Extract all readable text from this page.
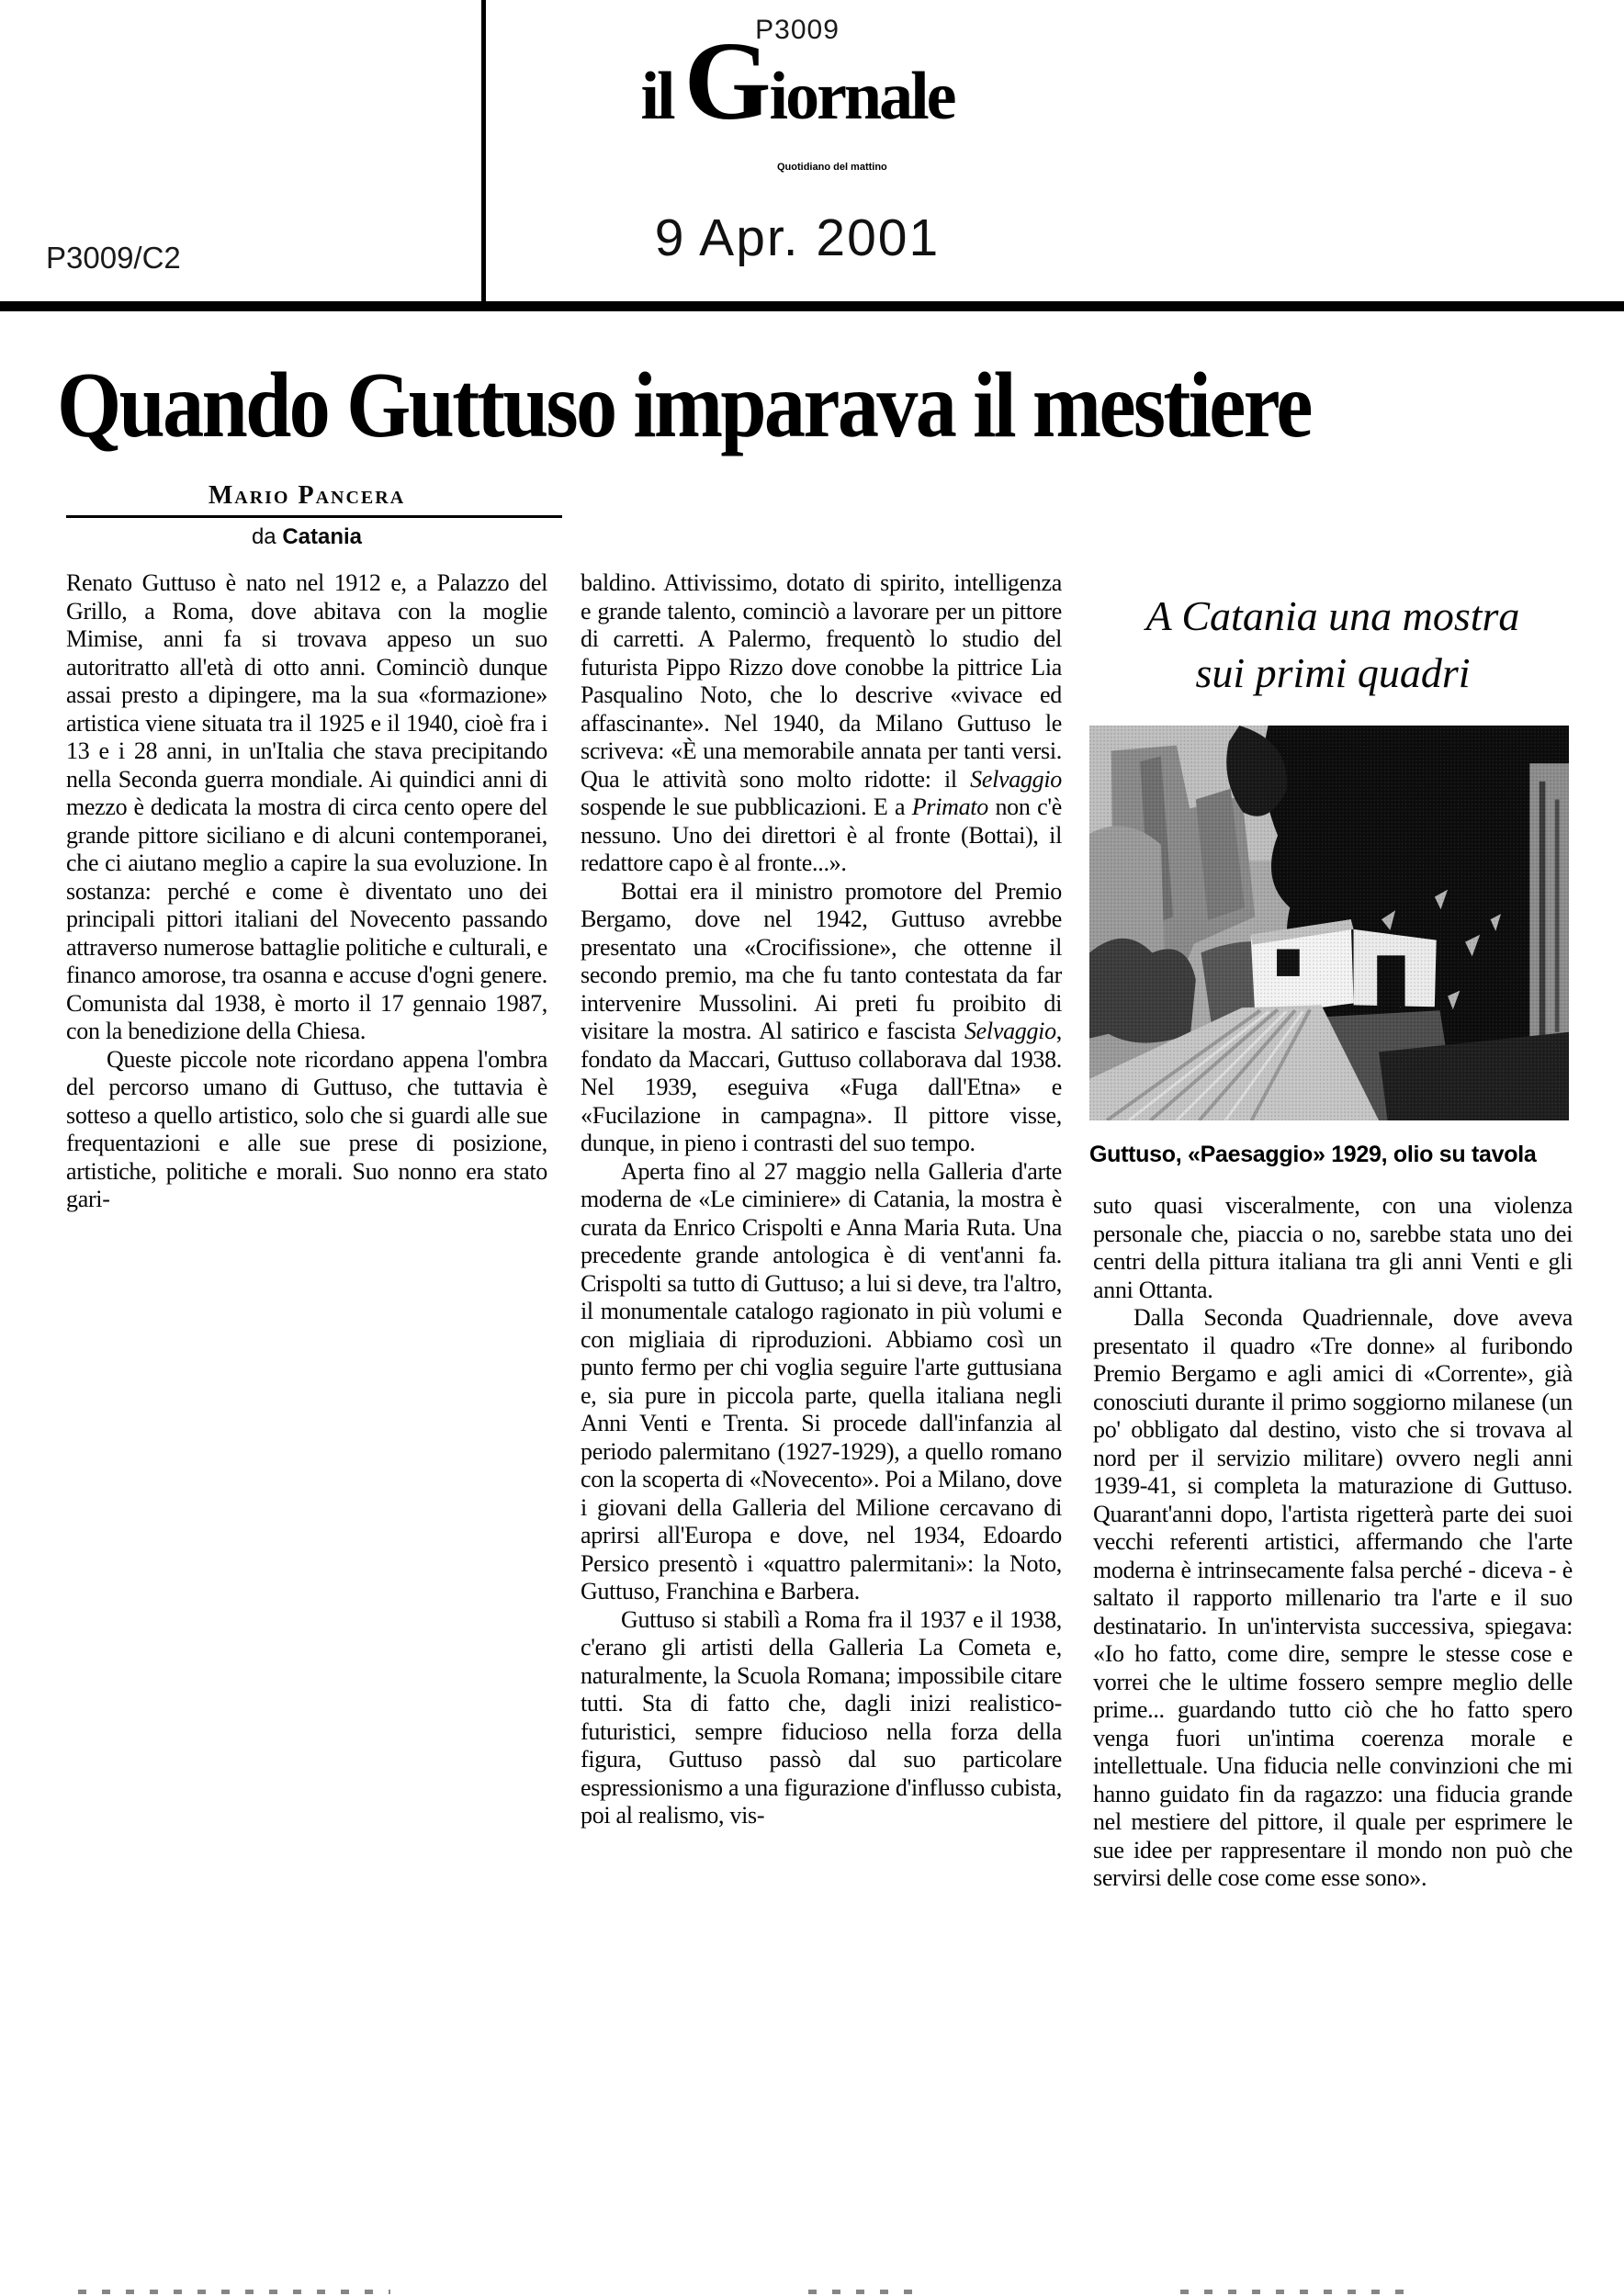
P3009
il G iornale
Quotidiano del mattino
9 Apr. 2001
P3009/C2
Quando Guttuso imparava il mestiere
Mario Pancera
da Catania

Renato Guttuso è nato nel 1912 e, a Palazzo del Grillo, a Roma, dove abitava con la moglie Mimise, anni fa si trovava appeso un suo autoritratto all'età di otto anni. Cominciò dunque assai presto a dipingere, ma la sua «formazione» artistica viene situata tra il 1925 e il 1940, cioè fra i 13 e i 28 anni, in un'Italia che stava precipitando nella Seconda guerra mondiale. Ai quindici anni di mezzo è dedicata la mostra di circa cento opere del grande pittore siciliano e di alcuni contemporanei, che ci aiutano meglio a capire la sua evoluzione. In sostanza: perché e come è diventato uno dei principali pittori italiani del Novecento passando attraverso numerose battaglie politiche e culturali, e financo amorose, tra osanna e accuse d'ogni genere. Comunista dal 1938, è morto il 17 gennaio 1987, con la benedizione della Chiesa.

Queste piccole note ricordano appena l'ombra del percorso umano di Guttuso, che tuttavia è sotteso a quello artistico, solo che si guardi alle sue frequentazioni e alle sue prese di posizione, artistiche, politiche e morali. Suo nonno era stato gari-

baldino. Attivissimo, dotato di spirito, intelligenza e grande talento, cominciò a lavorare per un pittore di carretti. A Palermo, frequentò lo studio del futurista Pippo Rizzo dove conobbe la pittrice Lia Pasqualino Noto, che lo descrive «vivace ed affascinante». Nel 1940, da Milano Guttuso le scriveva: «È una memorabile annata per tanti versi. Qua le attività sono molto ridotte: il Selvaggio sospende le sue pubblicazioni. E a Primato non c'è nessuno. Uno dei direttori è al fronte (Bottai), il redattore capo è al fronte...».

Bottai era il ministro promotore del Premio Bergamo, dove nel 1942, Guttuso avrebbe presentato una «Crocifissione», che ottenne il secondo premio, ma che fu tanto contestata da far intervenire Mussolini. Ai preti fu proibito di visitare la mostra. Al satirico e fascista Selvaggio, fondato da Maccari, Guttuso collaborava dal 1938. Nel 1939, eseguiva «Fuga dall'Etna» e «Fucilazione in campagna». Il pittore visse, dunque, in pieno i contrasti del suo tempo.

Aperta fino al 27 maggio nella Galleria d'arte moderna de «Le ciminiere» di Catania, la mostra è curata da Enrico Crispolti e Anna Maria Ruta. Una precedente grande antologica è di vent'anni fa. Crispolti sa tutto di Guttuso; a lui si deve, tra l'altro, il monumentale catalogo ragionato in più volumi e con migliaia di riproduzioni. Abbiamo così un punto fermo per chi voglia seguire l'arte guttusiana e, sia pure in piccola parte, quella italiana negli Anni Venti e Trenta. Si procede dall'infanzia al periodo palermitano (1927-1929), a quello romano con la scoperta di «Novecento». Poi a Milano, dove i giovani della Galleria del Milione cercavano di aprirsi all'Europa e dove, nel 1934, Edoardo Persico presentò i «quattro palermitani»: la Noto, Guttuso, Franchina e Barbera.

Guttuso si stabilì a Roma fra il 1937 e il 1938, c'erano gli artisti della Galleria La Cometa e, naturalmente, la Scuola Romana; impossibile citare tutti. Sta di fatto che, dagli inizi realistico-futuristici, sempre fiducioso nella forza della figura, Guttuso passò dal suo particolare espressionismo a una figurazione d'influsso cubista, poi al realismo, vis-

suto quasi visceralmente, con una violenza personale che, piaccia o no, sarebbe stata uno dei centri della pittura italiana tra gli anni Venti e gli anni Ottanta.

Dalla Seconda Quadriennale, dove aveva presentato il quadro «Tre donne» al furibondo Premio Bergamo e agli amici di «Corrente», già conosciuti durante il primo soggiorno milanese (un po' obbligato dal destino, visto che si trovava al nord per il servizio militare) ovvero negli anni 1939-41, si completa la maturazione di Guttuso. Quarant'anni dopo, l'artista rigetterà parte dei suoi vecchi referenti artistici, affermando che l'arte moderna è intrinsecamente falsa perché - diceva - è saltato il rapporto millenario tra l'arte e il suo destinatario. In un'intervista successiva, spiegava: «Io ho fatto, come dire, sempre le stesse cose e vorrei che le ultime fossero sempre meglio delle prime... guardando tutto ciò che ho fatto spero venga fuori un'intima coerenza morale e intellettuale. Una fiducia nelle convinzioni che mi hanno guidato fin da ragazzo: una fiducia grande nel mestiere del pittore, il quale per esprimere le sue idee per rappresentare il mondo non può che servirsi delle cose come esse sono».

A Catania una mostra
sui primi quadri
Guttuso, «Paesaggio» 1929, olio su tavola
